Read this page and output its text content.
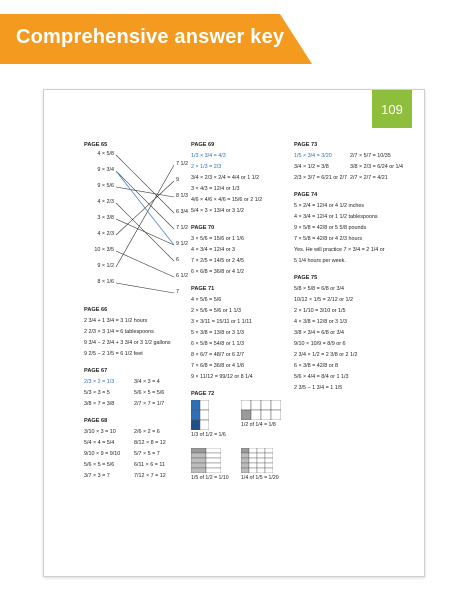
Comprehensive answer key
109
PAGE 65
4 × 5/8
9 × 3/4
9 × 5/6
4 × 2/3
3 × 3/8
4 × 2/3
10 × 3/5
9 × 1/2
8 × 1/6
7 1/2
9
8 1/3
6 3/4
7 1/2
9 1/2
6
6 1/2
7
PAGE 66
2 3/4 + 1 3/4 = 3 1/2 hours
2 2/3 × 3 1/4 = 6 tablespoons
9 3/4 − 2 3/4 + 3 3/4 or 3 1/2 gallons
9 2/5 − 2 1/5 = 6 1/2 feet
PAGE 67
2/3 × 2 = 1/3	3/4 × 3 = 4
5/3 × 3 = 5	5/6 × 5 = 5/6
3/8 × 7 = 3/8	2/7 × 7 = 1/7
PAGE 68
3/10 × 3 = 10	2/6 × 2 = 6
5/4 × 4 = 5/4	8/12 × 8 = 12
9/10 × 9 = 9/10	5/7 × 5 = 7
5/6 × 5 = 5/6	6/11 × 6 = 11
3/7 × 3 = 7	7/12 × 7 = 12
PAGE 69
1/3 × 3/4 = 4/3
2 × 1/3 = 2/3
3/4 × 2/3 × 2/4 = 4/4 or 1 1/2
3 × 4/3 = 12/4 or 1/3
4/6 × 4/6 × 4/6 = 15/6 or 2 1/2
5/4 × 3 × 13/4 or 3 1/2
PAGE 70
3 × 5/6 = 15/6 or 1 1/6
4 × 3/4 = 12/4 or 3
7 × 2/5 = 14/5 or 2 4/5
6 × 6/8 = 36/8 or 4 1/2
PAGE 71
4 × 5/6 = 5/6
2 × 5/6 = 5/6 or 1 1/3
3 × 3/11 = 15/11 or 1 1/11
5 × 3/8 = 13/8 or 3 1/3
6 × 5/8 = 54/8 or 1 1/3
8 × 6/7 = 48/7 or 6 2/7
7 × 6/8 = 36/8 or 4 1/8
9 × 11/12 = 99/12 or 8 1/4
PAGE 72
1/3 of 1/2 = 1/6
1/2 of 1/4 = 1/8
1/5 of 1/2 = 1/10 1/4 of 1/5 = 1/20
PAGE 73
1/5 × 3/4 = 3/20	2/7 × 5/7 = 10/35
3/4 × 1/2 = 3/8	3/8 × 2/3 = 6/24 or 1/4
2/3 × 3/7 = 6/21 or 2/7 2/7 × 2/7 = 4/21
PAGE 74
5 × 2/4 = 12/4 or 4 1/2 inches
4 × 3/4 = 12/4 or 1 1/2 tablespoons
9 × 5/8 = 42/8 or 5 5/8 pounds
7 × 5/8 = 42/8 or 4 2/3 hours
Yes. He will practice 7 × 3/4 = 2 1/4 or
5 1/4 hours per week.
PAGE 75
5/8 × 5/8 = 6/8 or 3/4
10/12 × 1/5 = 2/12 or 1/2
2 × 1/10 = 3/10 or 1/5
4 × 3/8 = 12/8 or 3 1/3
3/8 × 3/4 = 6/8 or 3/4
9/10 × 10/9 = 8/9 or 6
2 3/4 × 1/2 = 2 3/8 or 2 1/2
6 × 3/8 = 42/8 or 8
5/6 × 4/4 = 8/4 or 1 1/3
2 3/5 − 1 3/4 = 1 1/5
